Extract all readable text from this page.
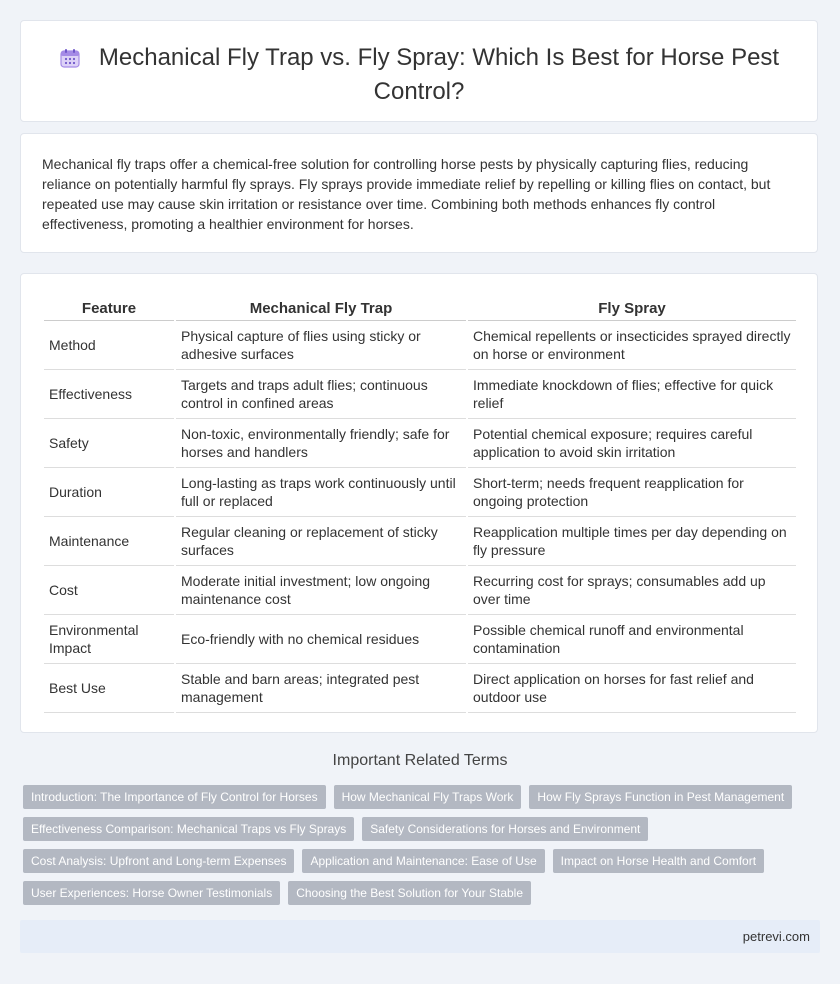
Mechanical Fly Trap vs. Fly Spray: Which Is Best for Horse Pest Control?

Mechanical fly traps offer a chemical-free solution for controlling horse pests by physically capturing flies, reducing reliance on potentially harmful fly sprays. Fly sprays provide immediate relief by repelling or killing flies on contact, but repeated use may cause skin irritation or resistance over time. Combining both methods enhances fly control effectiveness, promoting a healthier environment for horses.

Feature	Mechanical Fly Trap	Fly Spray
Method	Physical capture of flies using sticky or adhesive surfaces	Chemical repellents or insecticides sprayed directly on horse or environment
Effectiveness	Targets and traps adult flies; continuous control in confined areas	Immediate knockdown of flies; effective for quick relief
Safety	Non-toxic, environmentally friendly; safe for horses and handlers	Potential chemical exposure; requires careful application to avoid skin irritation
Duration	Long-lasting as traps work continuously until full or replaced	Short-term; needs frequent reapplication for ongoing protection
Maintenance	Regular cleaning or replacement of sticky surfaces	Reapplication multiple times per day depending on fly pressure
Cost	Moderate initial investment; low ongoing maintenance cost	Recurring cost for sprays; consumables add up over time
Environmental Impact	Eco-friendly with no chemical residues	Possible chemical runoff and environmental contamination
Best Use	Stable and barn areas; integrated pest management	Direct application on horses for fast relief and outdoor use
Important Related Terms
Introduction: The Importance of Fly Control for Horses	How Mechanical Fly Traps Work	How Fly Sprays Function in Pest Management
Effectiveness Comparison: Mechanical Traps vs Fly Sprays	Safety Considerations for Horses and Environment
Cost Analysis: Upfront and Long-term Expenses	Application and Maintenance: Ease of Use	Impact on Horse Health and Comfort
User Experiences: Horse Owner Testimonials	Choosing the Best Solution for Your Stable
petrevi.com
